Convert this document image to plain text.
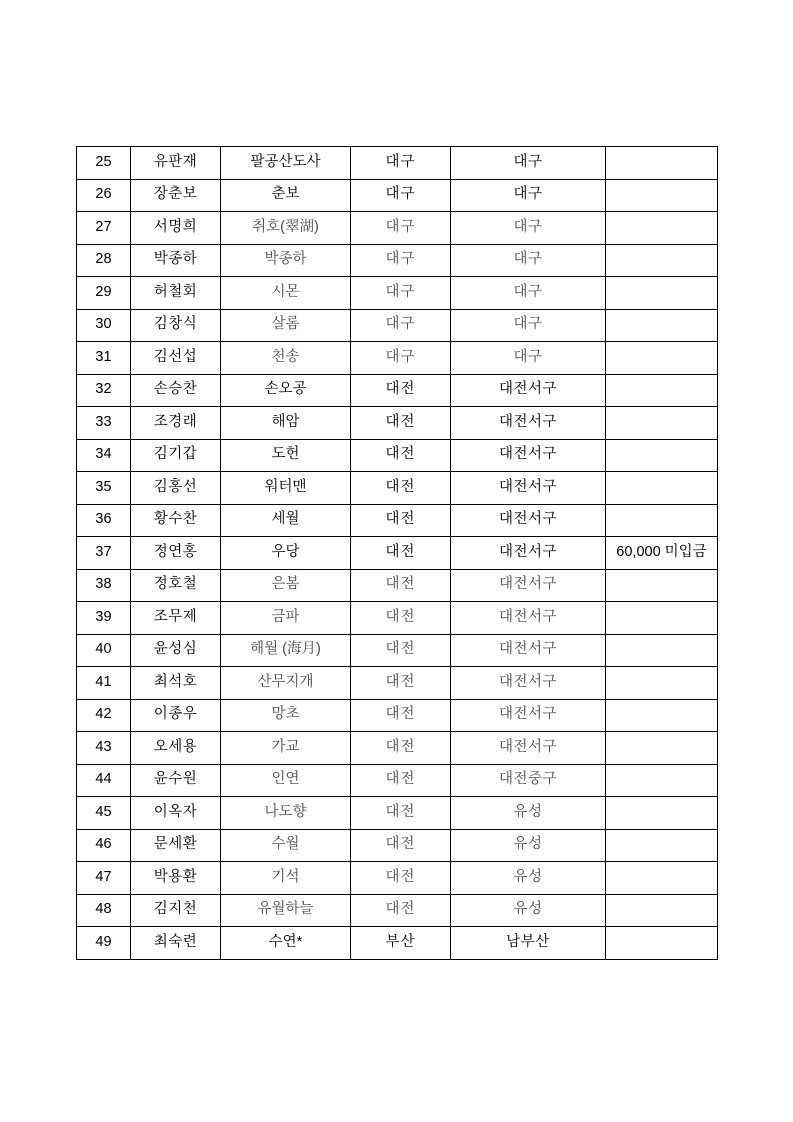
25	유판재	팔공산도사	대구	대구	
26	장춘보	춘보	대구	대구	
27	서명희	취호(翠湖)	대구	대구	
28	박종하	박종하	대구	대구	
29	허철회	시몬	대구	대구	
30	김창식	살롬	대구	대구	
31	김선섭	천송	대구	대구	
32	손승찬	손오공	대전	대전서구	
33	조경래	해암	대전	대전서구	
34	김기갑	도헌	대전	대전서구	
35	김홍선	워터맨	대전	대전서구	
36	황수찬	세월	대전	대전서구	
37	정연홍	우당	대전	대전서구	60,000 미입금
38	정호철	은봄	대전	대전서구	
39	조무제	금파	대전	대전서구	
40	윤성심	해월 (海月)	대전	대전서구	
41	최석호	산무지개	대전	대전서구	
42	이종우	망초	대전	대전서구	
43	오세용	가교	대전	대전서구	
44	윤수원	인연	대전	대전중구	
45	이옥자	나도향	대전	유성	
46	문세환	수월	대전	유성	
47	박용환	기석	대전	유성	
48	김지천	유월하늘	대전	유성	
49	최숙련	수연*	부산	남부산	
